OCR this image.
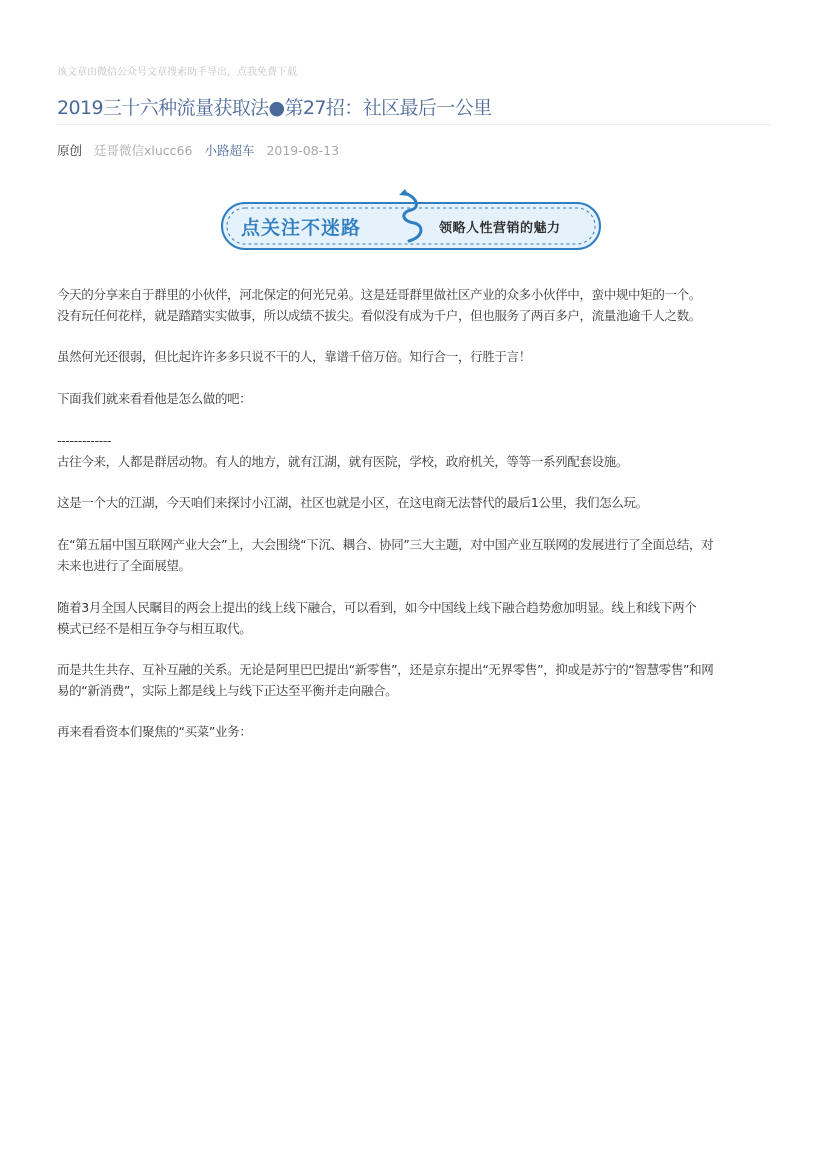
该文章由微信公众号文章搜索助手导出，点我免费下载
2019三十六种流量获取法●第27招：社区最后一公里
原创 廷哥微信xlucc66 小路超车 2019-08-13
点关注不迷路	领略人性营销的魅力

今天的分享来自于群里的小伙伴，河北保定的何光兄弟。这是廷哥群里做社区产业的众多小伙伴中，蛮中规中矩的一个。

没有玩任何花样，就是踏踏实实做事，所以成绩不拔尖。看似没有成为千户，但也服务了两百多户，流量池逾千人之数。

虽然何光还很弱，但比起许许多多只说不干的人，靠谱千倍万倍。知行合一，行胜于言！

下面我们就来看看他是怎么做的吧：

-------------

古往今来，人都是群居动物。有人的地方，就有江湖，就有医院，学校，政府机关，等等一系列配套设施。

这是一个大的江湖，今天咱们来探讨小江湖，社区也就是小区，在这电商无法替代的最后1公里，我们怎么玩。

在“第五届中国互联网产业大会”上，大会围绕“下沉、耦合、协同”三大主题，对中国产业互联网的发展进行了全面总结，对

未来也进行了全面展望。

随着3月全国人民瞩目的两会上提出的线上线下融合，可以看到，如今中国线上线下融合趋势愈加明显。线上和线下两个

模式已经不是相互争夺与相互取代。

而是共生共存、互补互融的关系。无论是阿里巴巴提出“新零售”，还是京东提出“无界零售”，抑或是苏宁的“智慧零售”和网

易的“新消费”，实际上都是线上与线下正达至平衡并走向融合。

再来看看资本们聚焦的“买菜”业务：
